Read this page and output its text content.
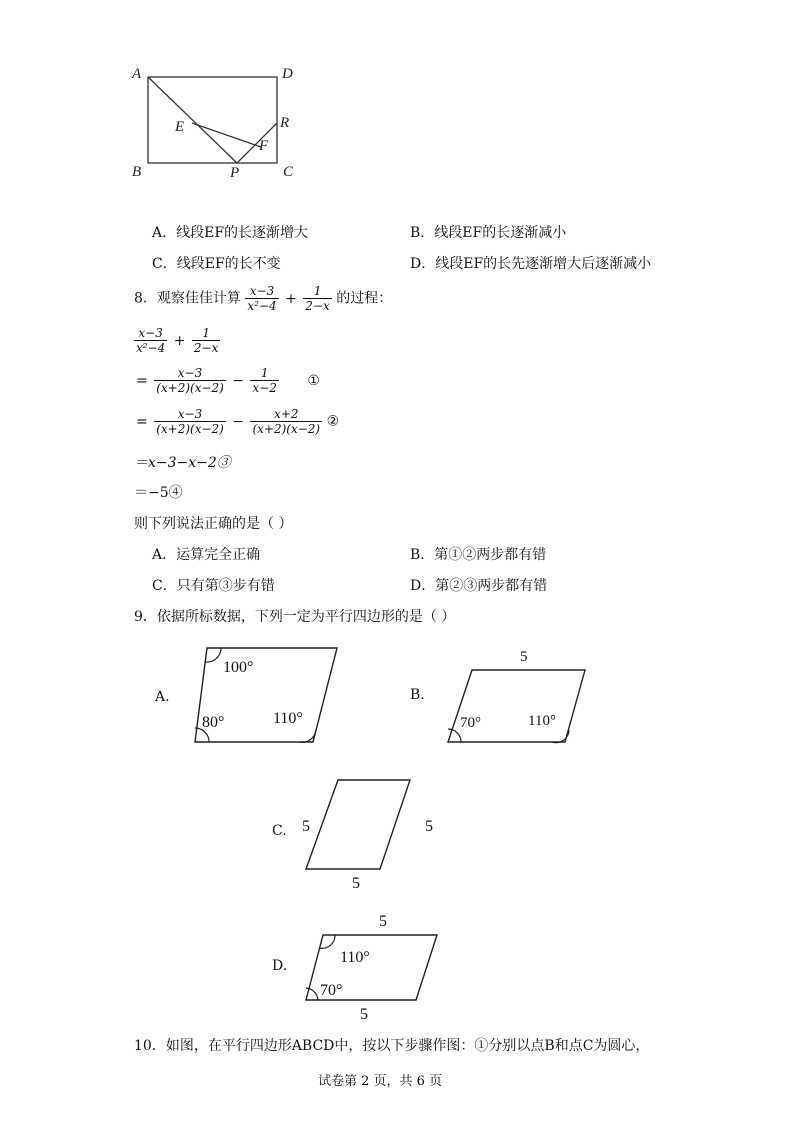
A	D
B	C
E
F
R
P
A．线段EF的长逐渐增大	B．线段EF的长逐渐减小
C．线段EF的长不变	D．线段EF的长先逐渐增大后逐渐减小
8．观察佳佳计算 $\frac{x-3}{\text{x²−4}} + \frac{1}{2-x}$ 的过程：
$\frac{x-3}{\text{x²−4}} + \frac{1}{2-x}$
= $\frac{x-3}{(x+2)(x-2)} - \frac{1}{x-2}$ ①
= $\frac{x-3}{(x+2)(x-2)} - \frac{x+2}{(x+2)(x-2)}$ ②
＝x−3−x−2③
＝−5④
则下列说法正确的是（ ）
A．运算完全正确	B．第①②两步都有错
C．只有第③步有错	D．第②③两步都有错
9．依据所标数据，下列一定为平行四边形的是（ ）
A.	B.
C.
D.
100°
80°	110°
5
70°	110°
5	5
5
5
110°
70°
5
10．如图，在平行四边形ABCD中，按以下步骤作图：①分别以点B和点C为圆心，
试卷第 2 页，共 6 页
